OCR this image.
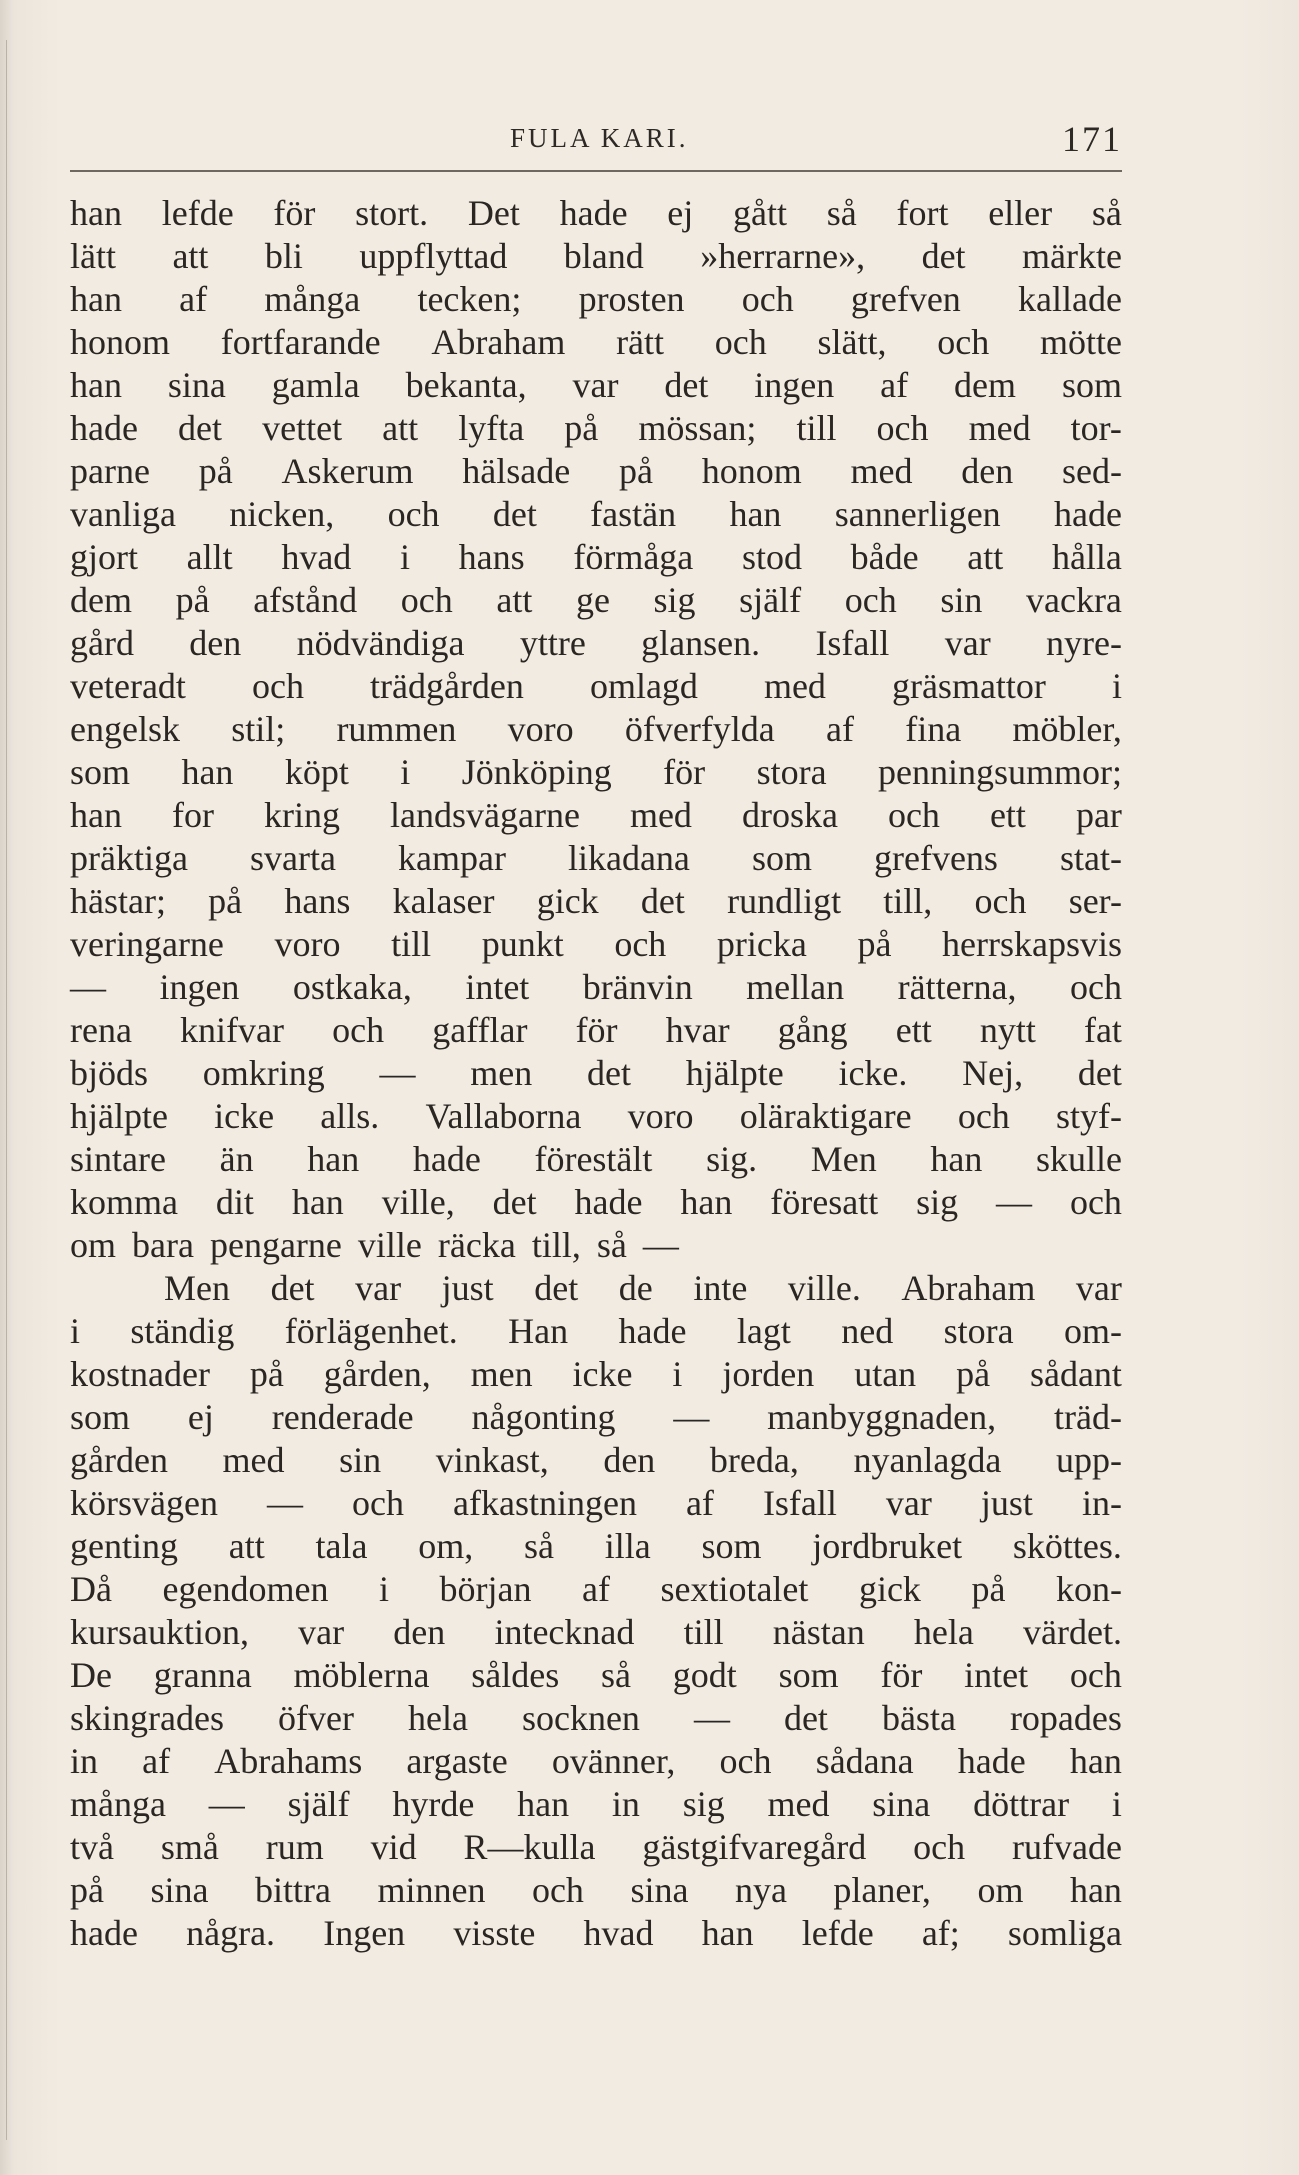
FULA KARI.	171
han lefde för stort. Det hade ej gått så fort eller så
lätt att bli uppflyttad bland »herrarne», det märkte
han af många tecken; prosten och grefven kallade
honom fortfarande Abraham rätt och slätt, och mötte
han sina gamla bekanta, var det ingen af dem som
hade det vettet att lyfta på mössan; till och med tor-
parne på Askerum hälsade på honom med den sed-
vanliga nicken, och det fastän han sannerligen hade
gjort allt hvad i hans förmåga stod både att hålla
dem på afstånd och att ge sig själf och sin vackra
gård den nödvändiga yttre glansen. Isfall var nyre-
veteradt och trädgården omlagd med gräsmattor i
engelsk stil; rummen voro öfverfylda af fina möbler,
som han köpt i Jönköping för stora penningsummor;
han for kring landsvägarne med droska och ett par
präktiga svarta kampar likadana som grefvens stat-
hästar; på hans kalaser gick det rundligt till, och ser-
veringarne voro till punkt och pricka på herrskapsvis
— ingen ostkaka, intet bränvin mellan rätterna, och
rena knifvar och gafflar för hvar gång ett nytt fat
bjöds omkring — men det hjälpte icke. Nej, det
hjälpte icke alls. Vallaborna voro oläraktigare och styf-
sintare än han hade förestält sig. Men han skulle
komma dit han ville, det hade han föresatt sig — och
om bara pengarne ville räcka till, så —
Men det var just det de inte ville. Abraham var
i ständig förlägenhet. Han hade lagt ned stora om-
kostnader på gården, men icke i jorden utan på sådant
som ej renderade någonting — manbyggnaden, träd-
gården med sin vinkast, den breda, nyanlagda upp-
körsvägen — och afkastningen af Isfall var just in-
genting att tala om, så illa som jordbruket sköttes.
Då egendomen i början af sextiotalet gick på kon-
kursauktion, var den intecknad till nästan hela värdet.
De granna möblerna såldes så godt som för intet och
skingrades öfver hela socknen — det bästa ropades
in af Abrahams argaste ovänner, och sådana hade han
många — själf hyrde han in sig med sina döttrar i
två små rum vid R—kulla gästgifvaregård och rufvade
på sina bittra minnen och sina nya planer, om han
hade några. Ingen visste hvad han lefde af; somliga
